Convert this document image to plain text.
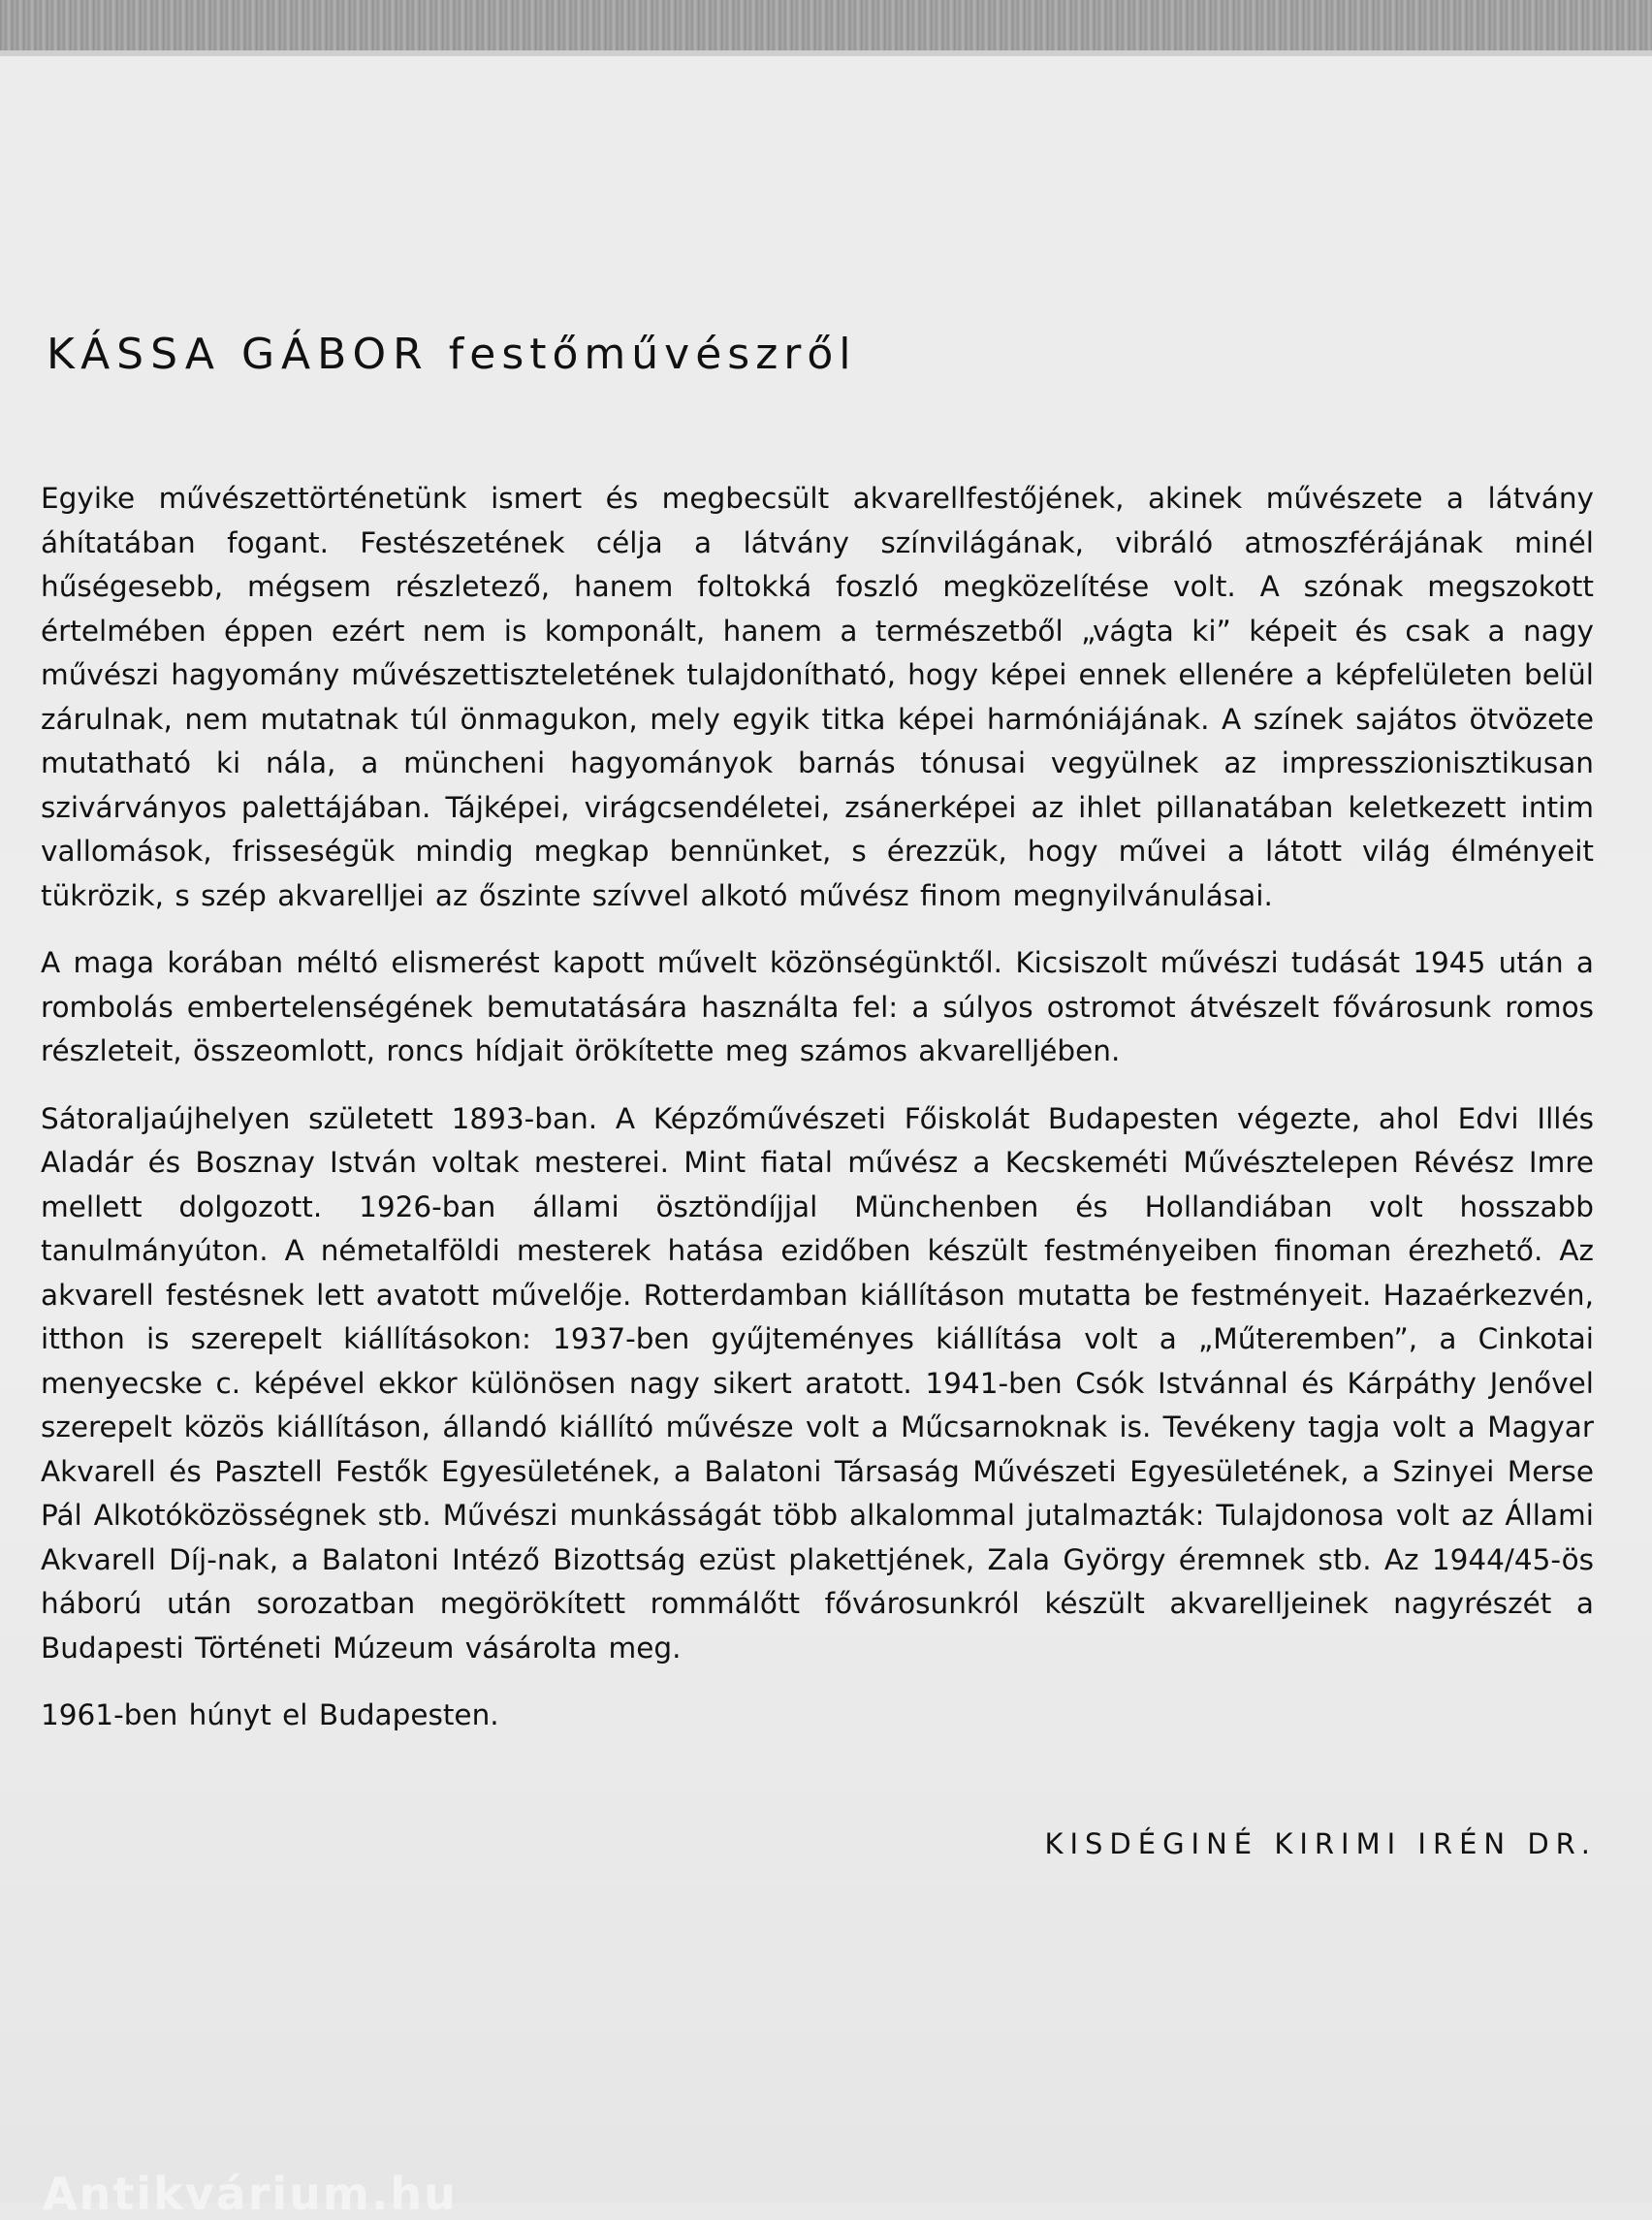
KÁSSA GÁBOR festőművészről

Egyike művészettörténetünk ismert és megbecsült akvarellfestőjének, akinek művészete a látvány áhítatában fogant. Festészetének célja a látvány színvilágának, vibráló atmoszférájának minél hűségesebb, mégsem részletező, hanem foltokká foszló megközelítése volt. A szónak megszokott értelmében éppen ezért nem is komponált, hanem a természetből „vágta ki” képeit és csak a nagy művészi hagyomány művészettiszteletének tulajdonítható, hogy képei ennek ellenére a képfelületen belül zárulnak, nem mutatnak túl önmagukon, mely egyik titka képei harmóniájának. A színek sajátos ötvözete mutatható ki nála, a müncheni hagyományok barnás tónusai vegyülnek az impresszionisztikusan szivárványos palettájában. Tájképei, virágcsendéletei, zsánerképei az ihlet pillanatában keletkezett intim vallomások, frisseségük mindig megkap bennünket, s érezzük, hogy művei a látott világ élményeit tükrözik, s szép akvarelljei az őszinte szívvel alkotó művész finom megnyilvánulásai.

A maga korában méltó elismerést kapott művelt közönségünktől. Kicsiszolt művészi tudását 1945 után a rombolás embertelenségének bemutatására használta fel: a súlyos ostromot átvészelt fővárosunk romos részleteit, összeomlott, roncs hídjait örökítette meg számos akvarelljében.

Sátoraljaújhelyen született 1893-ban. A Képzőművészeti Főiskolát Budapesten végezte, ahol Edvi Illés Aladár és Bosznay István voltak mesterei. Mint fiatal művész a Kecskeméti Művésztelepen Révész Imre mellett dolgozott. 1926-ban állami ösztöndíjjal Münchenben és Hollandiában volt hosszabb tanulmányúton. A németalföldi mesterek hatása ezidőben készült festményeiben finoman érezhető. Az akvarell festésnek lett avatott művelője. Rotterdamban kiállításon mutatta be festményeit. Hazaérkezvén, itthon is szerepelt kiállításokon: 1937-ben gyűjteményes kiállítása volt a „Műteremben”, a Cinkotai menyecske c. képével ekkor különösen nagy sikert aratott. 1941-ben Csók Istvánnal és Kárpáthy Jenővel szerepelt közös kiállításon, állandó kiállító művésze volt a Műcsarnoknak is. Tevékeny tagja volt a Magyar Akvarell és Pasztell Festők Egyesületének, a Balatoni Társaság Művészeti Egyesületének, a Szinyei Merse Pál Alkotóközösségnek stb. Művészi munkásságát több alkalommal jutalmazták: Tulajdonosa volt az Állami Akvarell Díj-nak, a Balatoni Intéző Bizottság ezüst plakettjének, Zala György éremnek stb. Az 1944/45-ös háború után sorozatban megörökített rommálőtt fővárosunkról készült akvarelljeinek nagyrészét a Budapesti Történeti Múzeum vásárolta meg.

1961-ben húnyt el Budapesten.

KISDÉGINÉ KIRIMI IRÉN DR.

Antikvárium.hu
